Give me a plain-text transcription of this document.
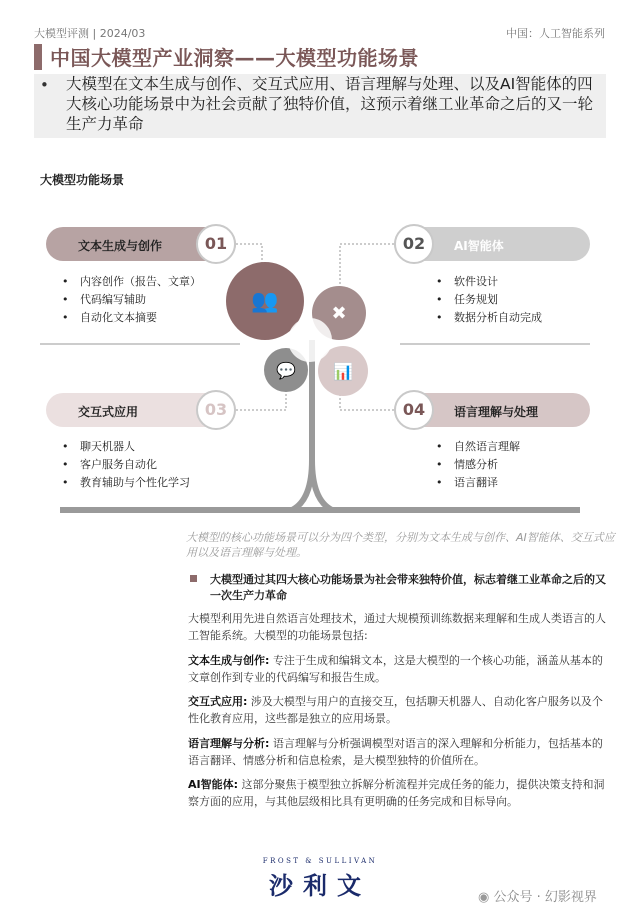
大模型评测 | 2024/03	中国：人工智能系列
中国大模型产业洞察——大模型功能场景
• 大模型在文本生成与创作、交互式应用、语言理解与处理、以及AI智能体的四大核心功能场景中为社会贡献了独特价值，这预示着继工业革命之后的又一轮生产力革命
大模型功能场景
👥	✖
💬 📊
文本生成与创作	01
• 内容创作（报告、文章）
• 代码编写辅助
• 自动化文本摘要
02	AI智能体
• 软件设计
• 任务规划
• 数据分析自动完成
交互式应用	03
• 聊天机器人
• 客户服务自动化
• 教育辅助与个性化学习
04	语言理解与处理
• 自然语言理解
• 情感分析
• 语言翻译
大模型的核心功能场景可以分为四个类型，分别为文本生成与创作、AI智能体、交互式应用以及语言理解与处理。
大模型通过其四大核心功能场景为社会带来独特价值，标志着继工业革命之后的又一次生产力革命
大模型利用先进自然语言处理技术，通过大规模预训练数据来理解和生成人类语言的人工智能系统。大模型的功能场景包括:
文本生成与创作: 专注于生成和编辑文本，这是大模型的一个核心功能，涵盖从基本的文章创作到专业的代码编写和报告生成。
交互式应用: 涉及大模型与用户的直接交互，包括聊天机器人、自动化客户服务以及个性化教育应用，这些都是独立的应用场景。
语言理解与分析: 语言理解与分析强调模型对语言的深入理解和分析能力，包括基本的语言翻译、情感分析和信息检索，是大模型独特的价值所在。
AI智能体: 这部分聚焦于模型独立拆解分析流程并完成任务的能力，提供决策支持和洞察方面的应用，与其他层级相比具有更明确的任务完成和目标导向。
FROST & SULLIVAN
沙利文	◉ 公众号 · 幻影视界
